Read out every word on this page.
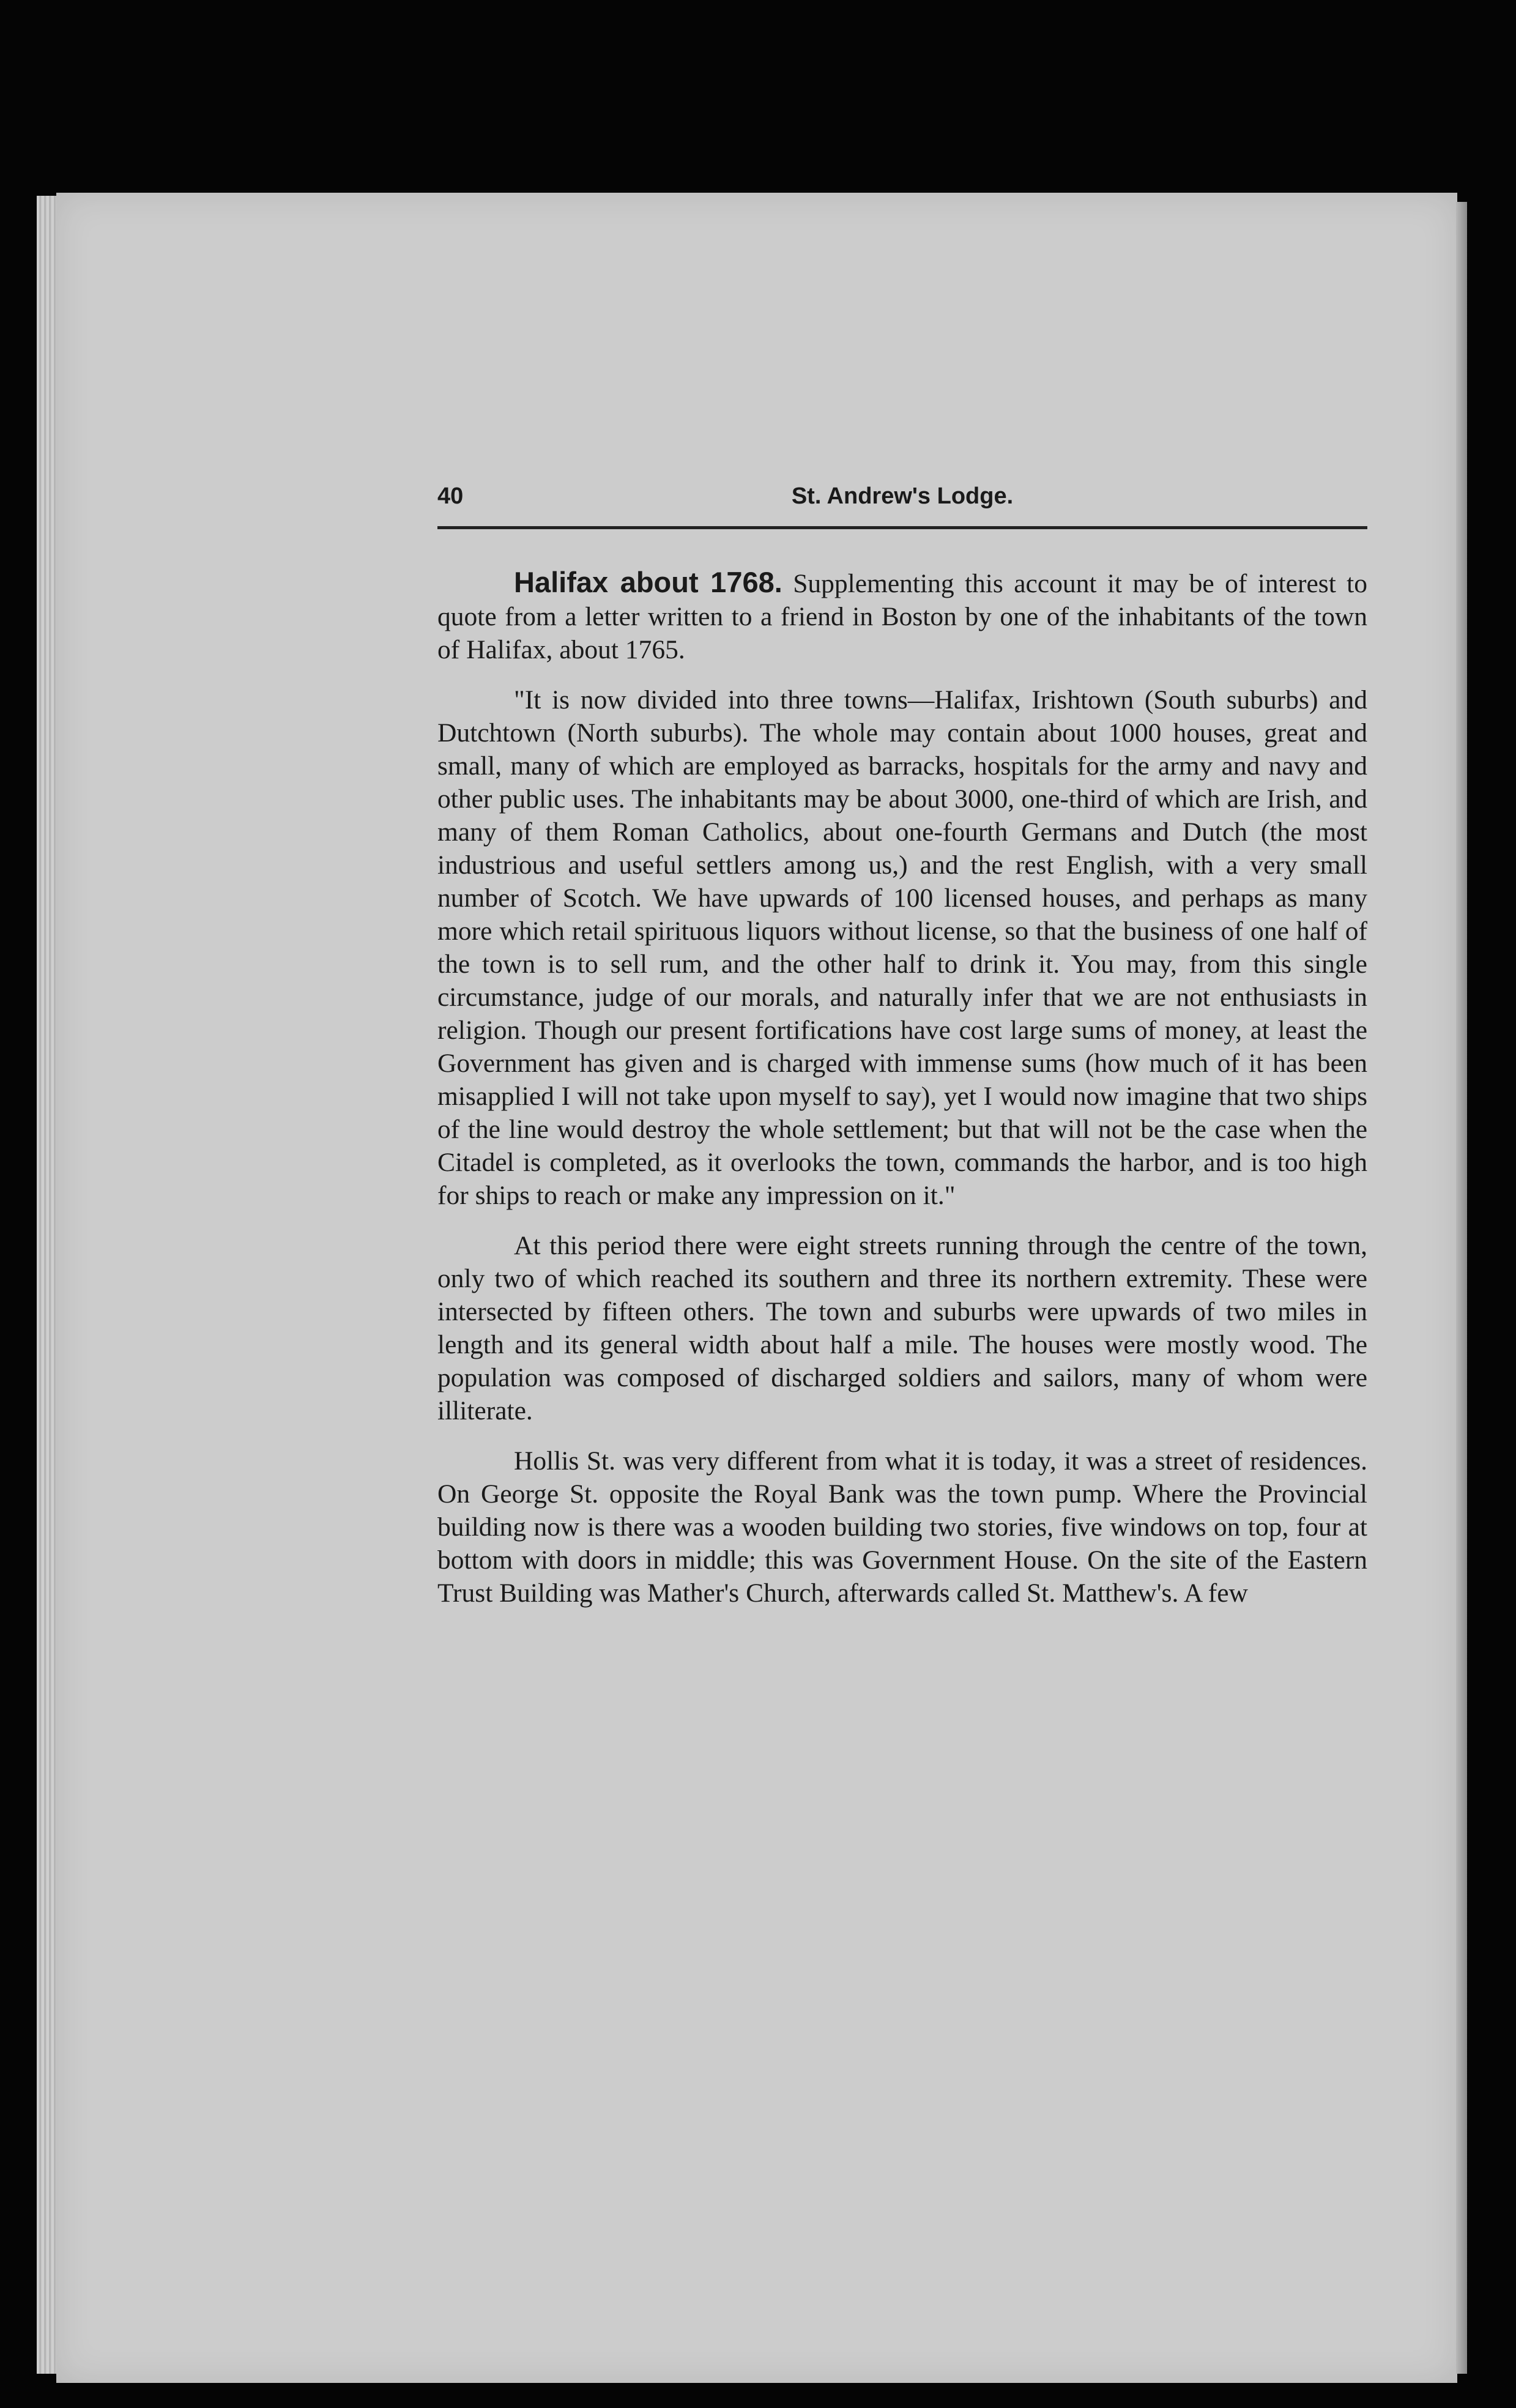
40	St. Andrew's Lodge.

Halifax about 1768. Supplementing this account it may be of interest to quote from a letter written to a friend in Boston by one of the inhabitants of the town of Halifax, about 1765.

"It is now divided into three towns—Halifax, Irishtown (South suburbs) and Dutchtown (North suburbs). The whole may contain about 1000 houses, great and small, many of which are employed as barracks, hospitals for the army and navy and other public uses. The inhabitants may be about 3000, one-third of which are Irish, and many of them Roman Catholics, about one-fourth Germans and Dutch (the most industrious and useful settlers among us,) and the rest English, with a very small number of Scotch. We have upwards of 100 licensed houses, and perhaps as many more which retail spirituous liquors without license, so that the business of one half of the town is to sell rum, and the other half to drink it. You may, from this single circumstance, judge of our morals, and naturally infer that we are not enthusiasts in religion. Though our present fortifications have cost large sums of money, at least the Government has given and is charged with immense sums (how much of it has been misapplied I will not take upon myself to say), yet I would now imagine that two ships of the line would destroy the whole settlement; but that will not be the case when the Citadel is completed, as it overlooks the town, commands the harbor, and is too high for ships to reach or make any impression on it."

At this period there were eight streets running through the centre of the town, only two of which reached its southern and three its northern extremity. These were intersected by fifteen others. The town and suburbs were upwards of two miles in length and its general width about half a mile. The houses were mostly wood. The population was composed of discharged soldiers and sailors, many of whom were illiterate.

Hollis St. was very different from what it is today, it was a street of residences. On George St. opposite the Royal Bank was the town pump. Where the Provincial building now is there was a wooden building two stories, five windows on top, four at bottom with doors in middle; this was Government House. On the site of the Eastern Trust Building was Mather's Church, afterwards called St. Matthew's. A few
